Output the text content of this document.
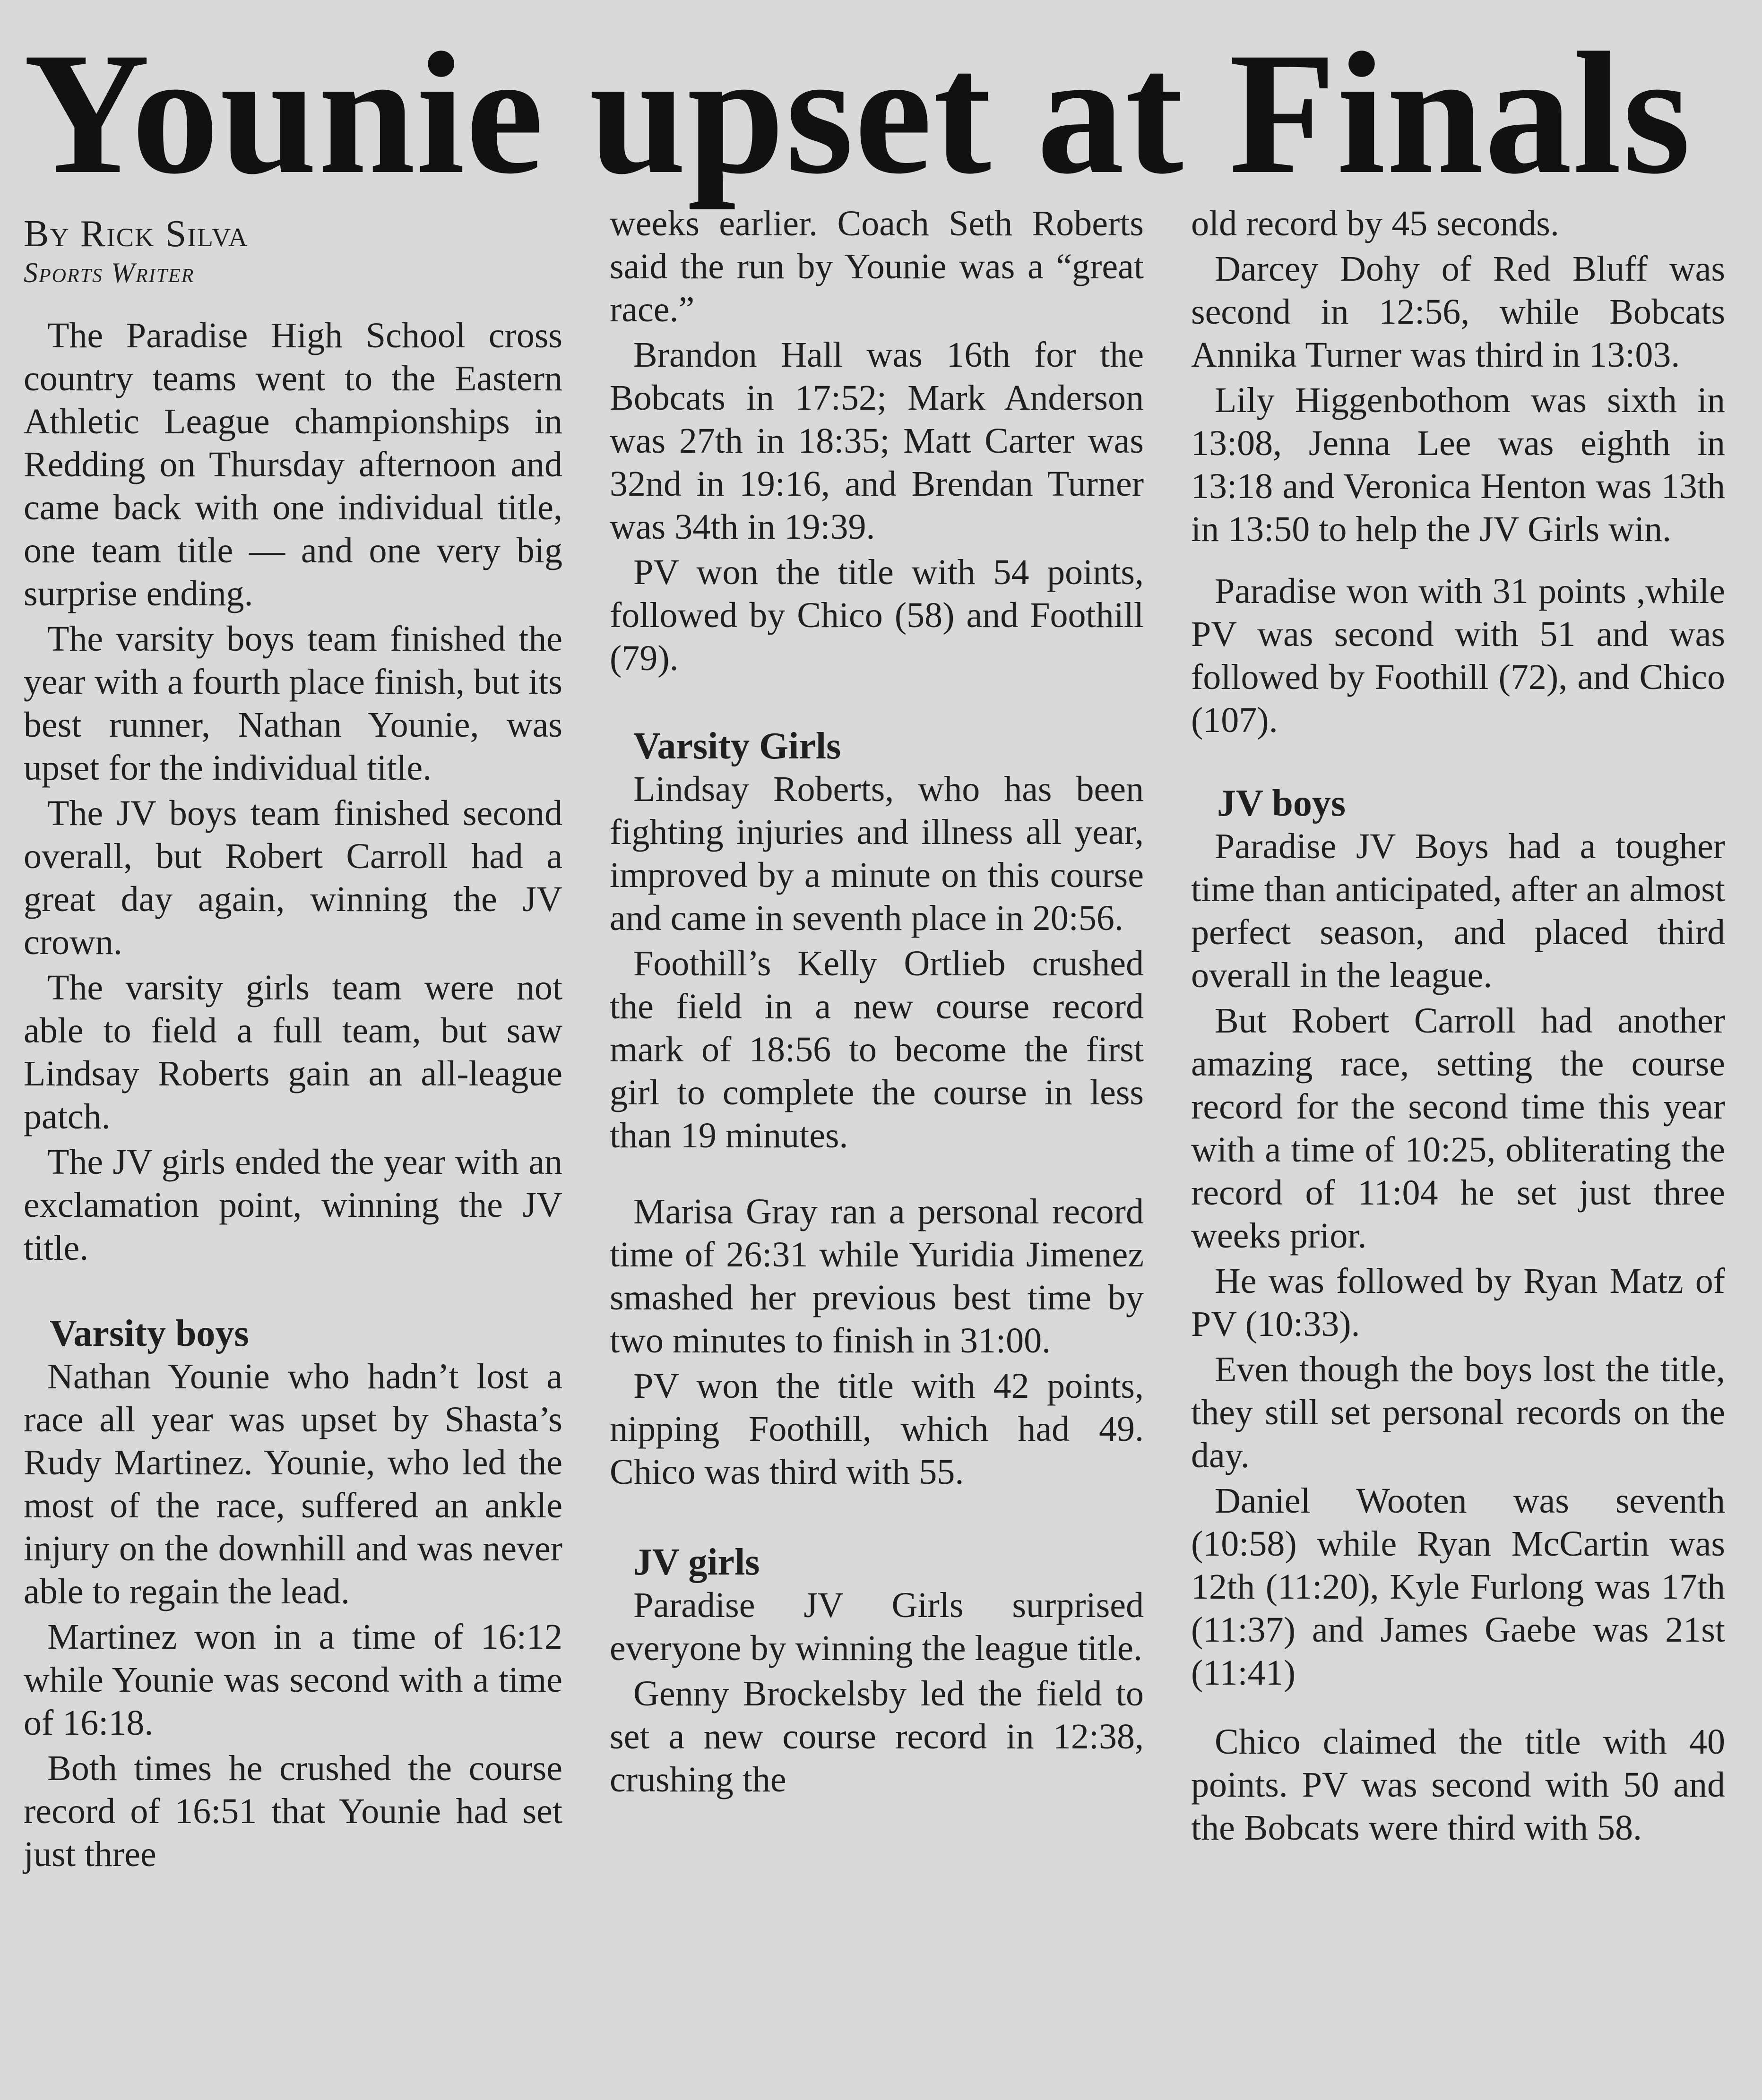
Younie upset at Finals
By Rick Silva
Sports Writer

The Paradise High School cross country teams went to the Eastern Athletic League championships in Redding on Thursday afternoon and came back with one individual title, one team title — and one very big surprise ending.

The varsity boys team finished the year with a fourth place finish, but its best runner, Nathan Younie, was upset for the individual title.

The JV boys team finished second overall, but Robert Carroll had a great day again, winning the JV crown.

The varsity girls team were not able to field a full team, but saw Lindsay Roberts gain an all-league patch.

The JV girls ended the year with an exclamation point, winning the JV title.

Varsity boys

Nathan Younie who hadn’t lost a race all year was upset by Shasta’s Rudy Martinez. Younie, who led the most of the race, suffered an ankle injury on the downhill and was never able to regain the lead.

Martinez won in a time of 16:12 while Younie was second with a time of 16:18.

Both times he crushed the course record of 16:51 that Younie had set just three

weeks earlier. Coach Seth Roberts said the run by Younie was a “great race.”

Brandon Hall was 16th for the Bobcats in 17:52; Mark Anderson was 27th in 18:35; Matt Carter was 32nd in 19:16, and Brendan Turner was 34th in 19:39.

PV won the title with 54 points, followed by Chico (58) and Foothill (79).

Varsity Girls

Lindsay Roberts, who has been fighting injuries and illness all year, improved by a minute on this course and came in seventh place in 20:56.

Foothill’s Kelly Ortlieb crushed the field in a new course record mark of 18:56 to become the first girl to complete the course in less than 19 minutes.

Marisa Gray ran a personal record time of 26:31 while Yuridia Jimenez smashed her previous best time by two minutes to finish in 31:00.

PV won the title with 42 points, nipping Foothill, which had 49. Chico was third with 55.

JV girls

Paradise JV Girls surprised everyone by winning the league title.

Genny Brockelsby led the field to set a new course record in 12:38, crushing the

old record by 45 seconds.

Darcey Dohy of Red Bluff was second in 12:56, while Bobcats Annika Turner was third in 13:03.

Lily Higgenbothom was sixth in 13:08, Jenna Lee was eighth in 13:18 and Veronica Henton was 13th in 13:50 to help the JV Girls win.

Paradise won with 31 points ,while PV was second with 51 and was followed by Foothill (72), and Chico (107).

JV boys

Paradise JV Boys had a tougher time than anticipated, after an almost perfect season, and placed third overall in the league.

But Robert Carroll had another amazing race, setting the course record for the second time this year with a time of 10:25, obliterating the record of 11:04 he set just three weeks prior.

He was followed by Ryan Matz of PV (10:33).

Even though the boys lost the title, they still set personal records on the day.

Daniel Wooten was seventh (10:58) while Ryan McCartin was 12th (11:20), Kyle Furlong was 17th (11:37) and James Gaebe was 21st (11:41)

Chico claimed the title with 40 points. PV was second with 50 and the Bobcats were third with 58.
